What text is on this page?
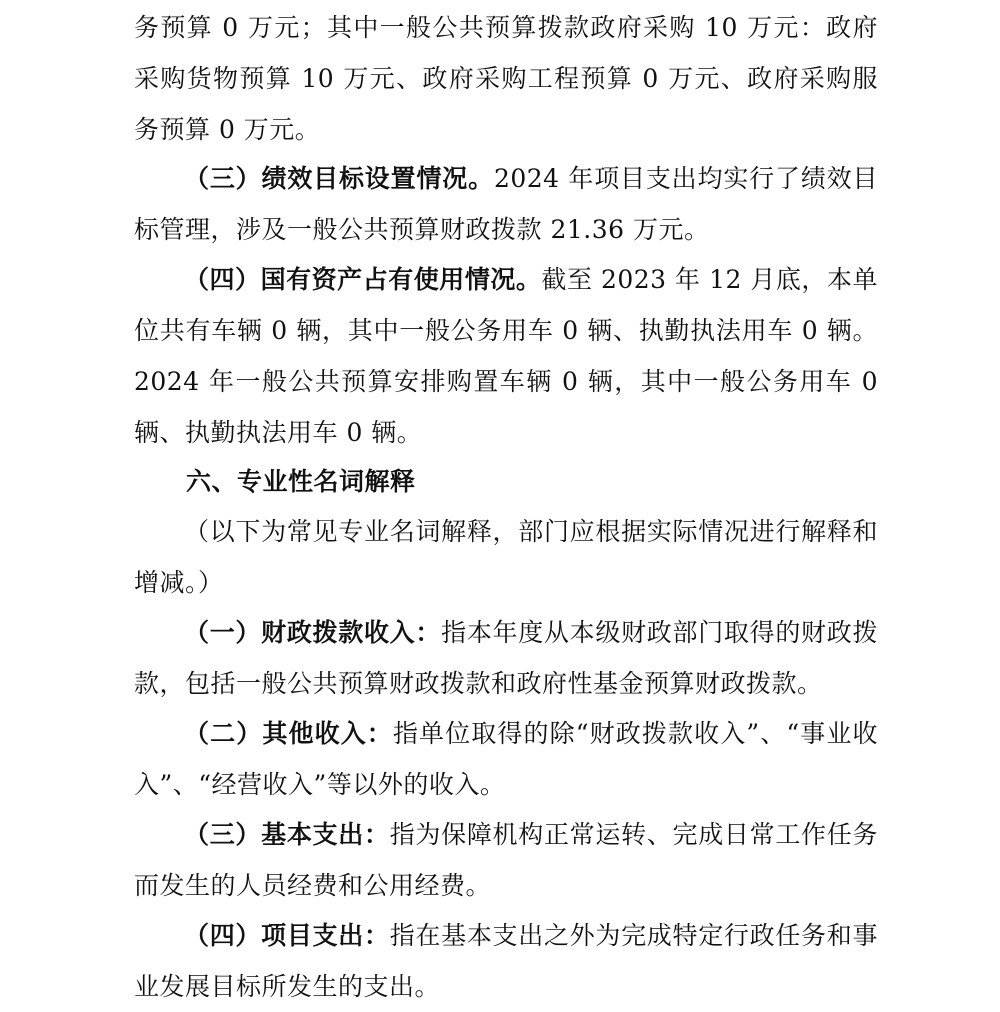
务预算 0 万元；其中一般公共预算拨款政府采购 10 万元：政府采购货物预算 10 万元、政府采购工程预算 0 万元、政府采购服务预算 0 万元。

（三）绩效目标设置情况。2024 年项目支出均实行了绩效目标管理，涉及一般公共预算财政拨款 21.36 万元。

（四）国有资产占有使用情况。截至 2023 年 12 月底，本单位共有车辆 0 辆，其中一般公务用车 0 辆、执勤执法用车 0 辆。2024 年一般公共预算安排购置车辆 0 辆，其中一般公务用车 0 辆、执勤执法用车 0 辆。

六、专业性名词解释

（以下为常见专业名词解释，部门应根据实际情况进行解释和增减。）

（一）财政拨款收入：指本年度从本级财政部门取得的财政拨款，包括一般公共预算财政拨款和政府性基金预算财政拨款。

（二）其他收入：指单位取得的除“财政拨款收入”、“事业收入”、“经营收入”等以外的收入。

（三）基本支出：指为保障机构正常运转、完成日常工作任务而发生的人员经费和公用经费。

（四）项目支出：指在基本支出之外为完成特定行政任务和事业发展目标所发生的支出。
